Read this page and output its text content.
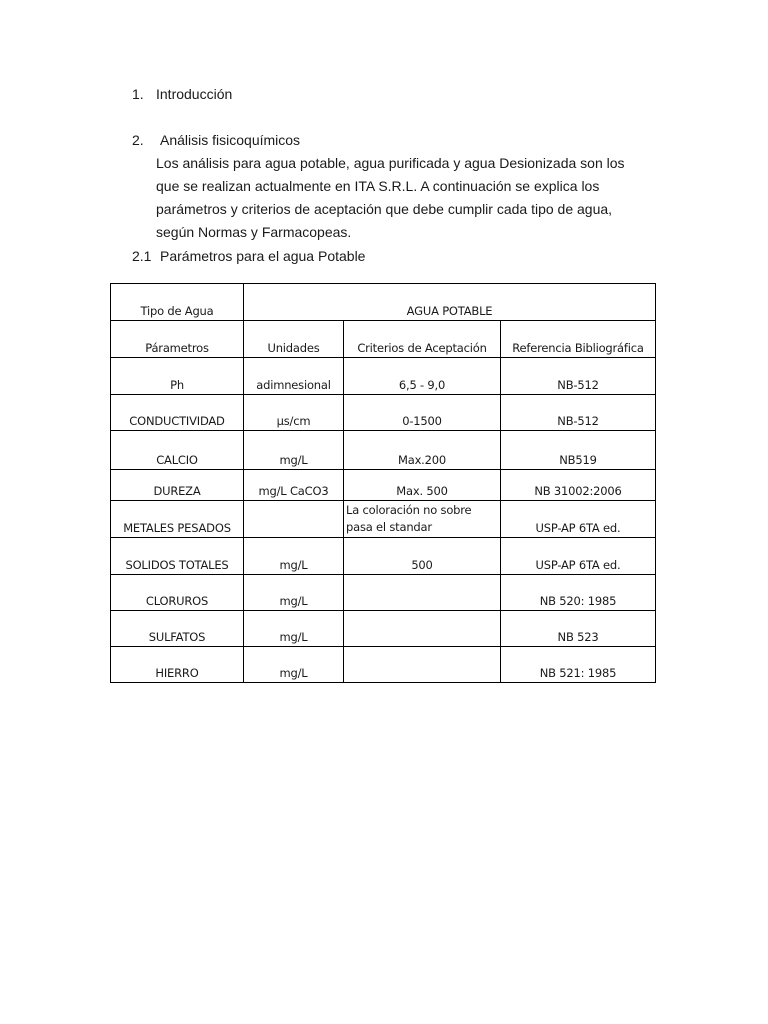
1. Introducción
2. Análisis fisicoquímicos
Los análisis para agua potable, agua purificada y agua Desionizada son los
que se realizan actualmente en ITA S.R.L. A continuación se explica los
parámetros y criterios de aceptación que debe cumplir cada tipo de agua,
según Normas y Farmacopeas.
2.1 Parámetros para el agua Potable
Tipo de Agua	AGUA POTABLE		
Párametros	Unidades	Criterios de Aceptación	Referencia Bibliográfica
Ph	adimnesional	6,5 - 9,0	NB-512
CONDUCTIVIDAD	µs/cm	0-1500	NB-512
CALCIO	mg/L	Max.200	NB519
DUREZA	mg/L CaCO3	Max. 500	NB 31002:2006
METALES PESADOS		La coloración no sobre pasa el standar	USP-AP 6TA ed.
SOLIDOS TOTALES	mg/L	500	USP-AP 6TA ed.
CLORUROS	mg/L		NB 520: 1985
SULFATOS	mg/L		NB 523
HIERRO	mg/L		NB 521: 1985
